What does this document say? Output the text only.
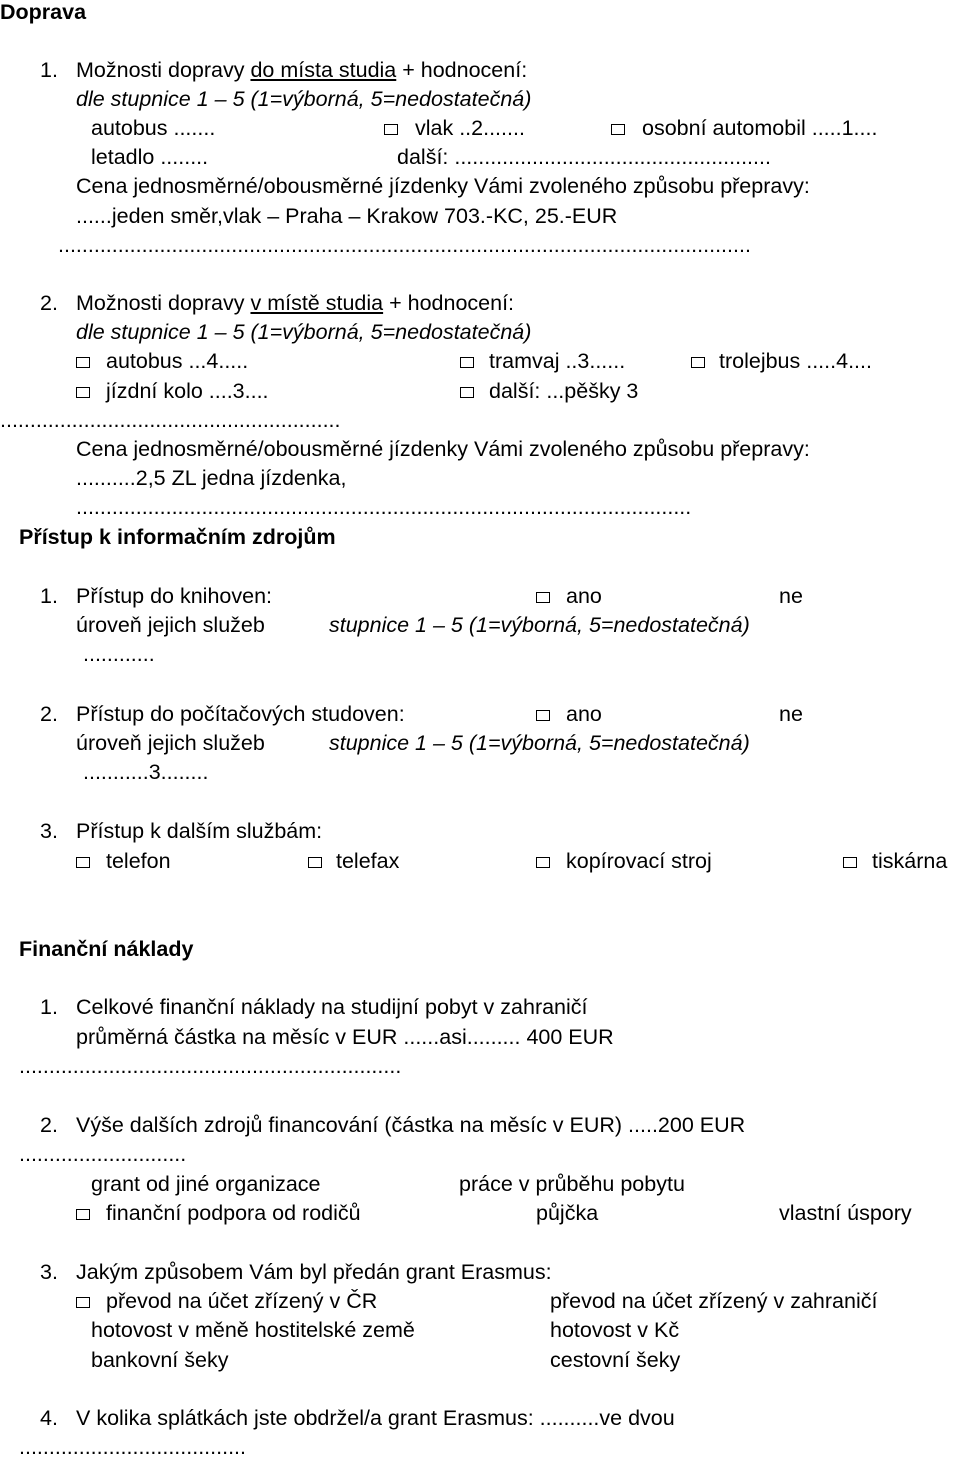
Doprava
1. Možnosti dopravy do místa studia + hodnocení:
dle stupnice 1 – 5 (1=výborná, 5=nedostatečná)
autobus .......	vlak ..2.......	osobní automobil .....1....
letadlo ........	další: .....................................................
Cena jednosměrné/obousměrné jízdenky Vámi zvoleného způsobu přepravy:
......jeden směr,vlak – Praha – Krakow 703.-KC, 25.-EUR
....................................................................................................................
2. Možnosti dopravy v místě studia + hodnocení:
dle stupnice 1 – 5 (1=výborná, 5=nedostatečná)
autobus ...4.....	tramvaj ..3......	trolejbus .....4....
jízdní kolo ....3....	další: ...pěšky 3
.........................................................
Cena jednosměrné/obousměrné jízdenky Vámi zvoleného způsobu přepravy:
..........2,5 ZL jedna jízdenka,
.......................................................................................................
Přístup k informačním zdrojům
1. Přístup do knihoven:	ano	ne
úroveň jejich služeb	stupnice 1 – 5 (1=výborná, 5=nedostatečná)
............
2. Přístup do počítačových studoven:	ano	ne
úroveň jejich služeb	stupnice 1 – 5 (1=výborná, 5=nedostatečná)
...........3........
3. Přístup k dalším službám:
telefon	telefax	kopírovací stroj	tiskárna
Finanční náklady
1. Celkové finanční náklady na studijní pobyt v zahraničí
průměrná částka na měsíc v EUR ......asi......... 400 EUR
................................................................
2. Výše dalších zdrojů financování (částka na měsíc v EUR) .....200 EUR
............................
grant od jiné organizace	práce v průběhu pobytu
finanční podpora od rodičů	půjčka	vlastní úspory
3. Jakým způsobem Vám byl předán grant Erasmus:
převod na účet zřízený v ČR	převod na účet zřízený v zahraničí
hotovost v měně hostitelské země	hotovost v Kč
bankovní šeky	cestovní šeky
4. V kolika splátkách jste obdržel/a grant Erasmus: ..........ve dvou
......................................
